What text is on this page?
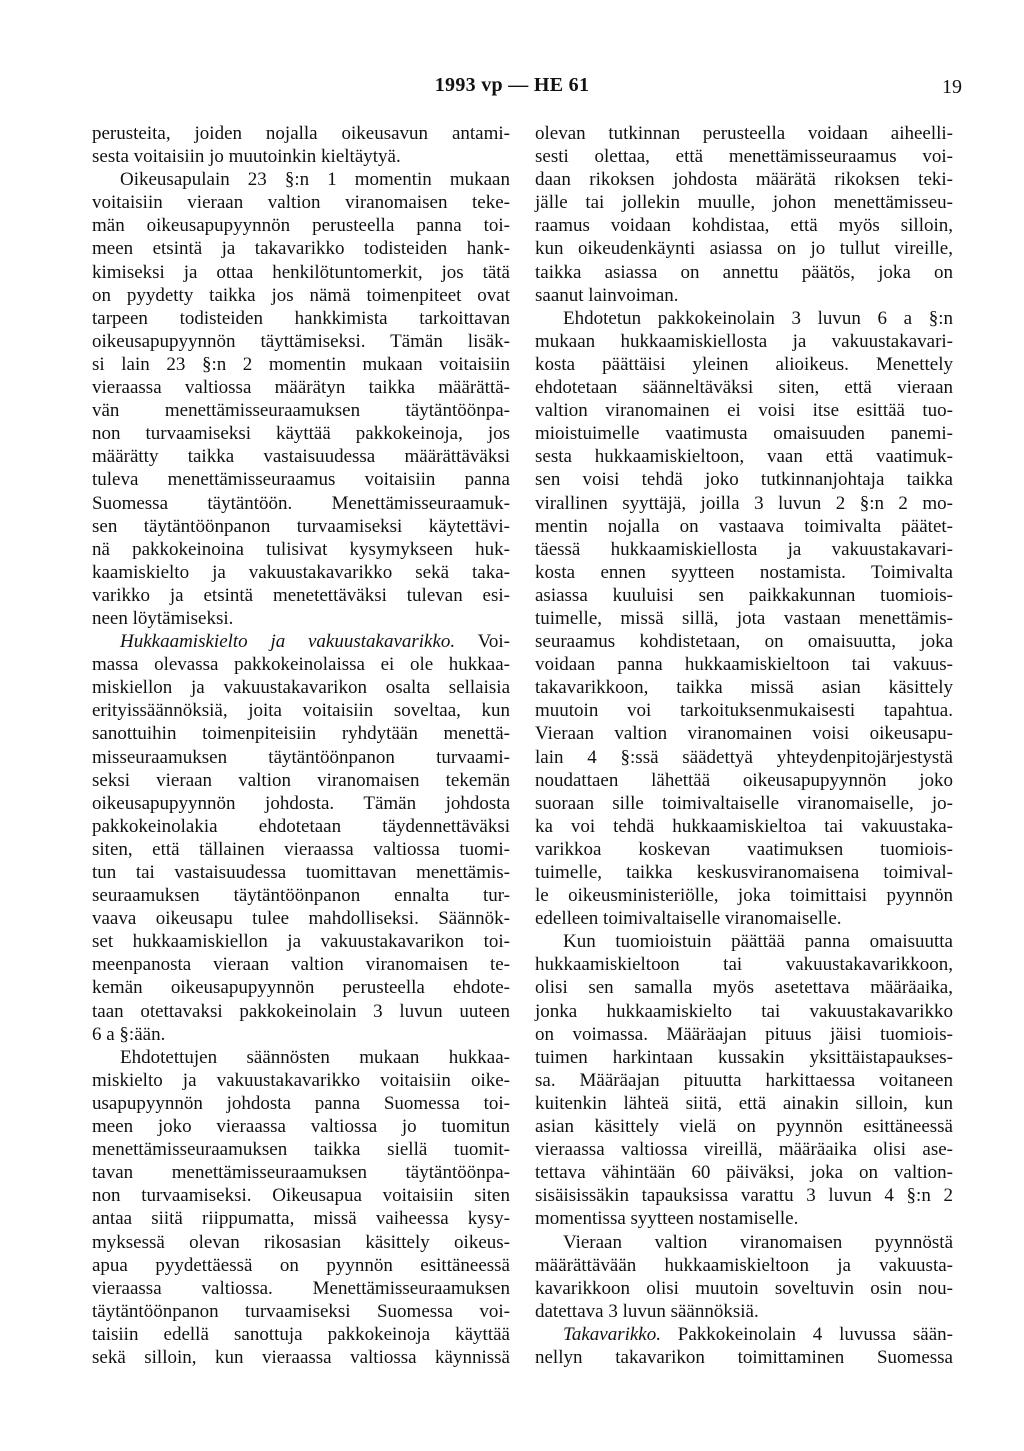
1993 vp — HE 61	19
perusteita, joiden nojalla oikeusavun antami-
sesta voitaisiin jo muutoinkin kieltäytyä.
Oikeusapulain 23 §:n 1 momentin mukaan
voitaisiin vieraan valtion viranomaisen teke-
män oikeusapupyynnön perusteella panna toi-
meen etsintä ja takavarikko todisteiden hank-
kimiseksi ja ottaa henkilötuntomerkit, jos tätä
on pyydetty taikka jos nämä toimenpiteet ovat
tarpeen todisteiden hankkimista tarkoittavan
oikeusapupyynnön täyttämiseksi. Tämän lisäk-
si lain 23 §:n 2 momentin mukaan voitaisiin
vieraassa valtiossa määrätyn taikka määrättä-
vän menettämisseuraamuksen täytäntöönpa-
non turvaamiseksi käyttää pakkokeinoja, jos
määrätty taikka vastaisuudessa määrättäväksi
tuleva menettämisseuraamus voitaisiin panna
Suomessa täytäntöön. Menettämisseuraamuk-
sen täytäntöönpanon turvaamiseksi käytettävi-
nä pakkokeinoina tulisivat kysymykseen huk-
kaamiskielto ja vakuustakavarikko sekä taka-
varikko ja etsintä menetettäväksi tulevan esi-
neen löytämiseksi.
Hukkaamiskielto ja vakuustakavarikko. Voi-
massa olevassa pakkokeinolaissa ei ole hukkaa-
miskiellon ja vakuustakavarikon osalta sellaisia
erityissäännöksiä, joita voitaisiin soveltaa, kun
sanottuihin toimenpiteisiin ryhdytään menettä-
misseuraamuksen täytäntöönpanon turvaami-
seksi vieraan valtion viranomaisen tekemän
oikeusapupyynnön johdosta. Tämän johdosta
pakkokeinolakia ehdotetaan täydennettäväksi
siten, että tällainen vieraassa valtiossa tuomi-
tun tai vastaisuudessa tuomittavan menettämis-
seuraamuksen täytäntöönpanon ennalta tur-
vaava oikeusapu tulee mahdolliseksi. Säännök-
set hukkaamiskiellon ja vakuustakavarikon toi-
meenpanosta vieraan valtion viranomaisen te-
kemän oikeusapupyynnön perusteella ehdote-
taan otettavaksi pakkokeinolain 3 luvun uuteen
6 a §:ään.
Ehdotettujen säännösten mukaan hukkaa-
miskielto ja vakuustakavarikko voitaisiin oike-
usapupyynnön johdosta panna Suomessa toi-
meen joko vieraassa valtiossa jo tuomitun
menettämisseuraamuksen taikka siellä tuomit-
tavan menettämisseuraamuksen täytäntöönpa-
non turvaamiseksi. Oikeusapua voitaisiin siten
antaa siitä riippumatta, missä vaiheessa kysy-
myksessä olevan rikosasian käsittely oikeus-
apua pyydettäessä on pyynnön esittäneessä
vieraassa valtiossa. Menettämisseuraamuksen
täytäntöönpanon turvaamiseksi Suomessa voi-
taisiin edellä sanottuja pakkokeinoja käyttää
sekä silloin, kun vieraassa valtiossa käynnissä
olevan tutkinnan perusteella voidaan aiheelli-
sesti olettaa, että menettämisseuraamus voi-
daan rikoksen johdosta määrätä rikoksen teki-
jälle tai jollekin muulle, johon menettämisseu-
raamus voidaan kohdistaa, että myös silloin,
kun oikeudenkäynti asiassa on jo tullut vireille,
taikka asiassa on annettu päätös, joka on
saanut lainvoiman.
Ehdotetun pakkokeinolain 3 luvun 6 a §:n
mukaan hukkaamiskiellosta ja vakuustakavari-
kosta päättäisi yleinen alioikeus. Menettely
ehdotetaan säänneltäväksi siten, että vieraan
valtion viranomainen ei voisi itse esittää tuo-
mioistuimelle vaatimusta omaisuuden panemi-
sesta hukkaamiskieltoon, vaan että vaatimuk-
sen voisi tehdä joko tutkinnanjohtaja taikka
virallinen syyttäjä, joilla 3 luvun 2 §:n 2 mo-
mentin nojalla on vastaava toimivalta päätet-
täessä hukkaamiskiellosta ja vakuustakavari-
kosta ennen syytteen nostamista. Toimivalta
asiassa kuuluisi sen paikkakunnan tuomiois-
tuimelle, missä sillä, jota vastaan menettämis-
seuraamus kohdistetaan, on omaisuutta, joka
voidaan panna hukkaamiskieltoon tai vakuus-
takavarikkoon, taikka missä asian käsittely
muutoin voi tarkoituksenmukaisesti tapahtua.
Vieraan valtion viranomainen voisi oikeusapu-
lain 4 §:ssä säädettyä yhteydenpitojärjestystä
noudattaen lähettää oikeusapupyynnön joko
suoraan sille toimivaltaiselle viranomaiselle, jo-
ka voi tehdä hukkaamiskieltoa tai vakuustaka-
varikkoa koskevan vaatimuksen tuomiois-
tuimelle, taikka keskusviranomaisena toimival-
le oikeusministeriölle, joka toimittaisi pyynnön
edelleen toimivaltaiselle viranomaiselle.
Kun tuomioistuin päättää panna omaisuutta
hukkaamiskieltoon tai vakuustakavarikkoon,
olisi sen samalla myös asetettava määräaika,
jonka hukkaamiskielto tai vakuustakavarikko
on voimassa. Määräajan pituus jäisi tuomiois-
tuimen harkintaan kussakin yksittäistapaukses-
sa. Määräajan pituutta harkittaessa voitaneen
kuitenkin lähteä siitä, että ainakin silloin, kun
asian käsittely vielä on pyynnön esittäneessä
vieraassa valtiossa vireillä, määräaika olisi ase-
tettava vähintään 60 päiväksi, joka on valtion-
sisäisissäkin tapauksissa varattu 3 luvun 4 §:n 2
momentissa syytteen nostamiselle.
Vieraan valtion viranomaisen pyynnöstä
määrättävään hukkaamiskieltoon ja vakuusta-
kavarikkoon olisi muutoin soveltuvin osin nou-
datettava 3 luvun säännöksiä.
Takavarikko. Pakkokeinolain 4 luvussa sään-
nellyn takavarikon toimittaminen Suomessa
